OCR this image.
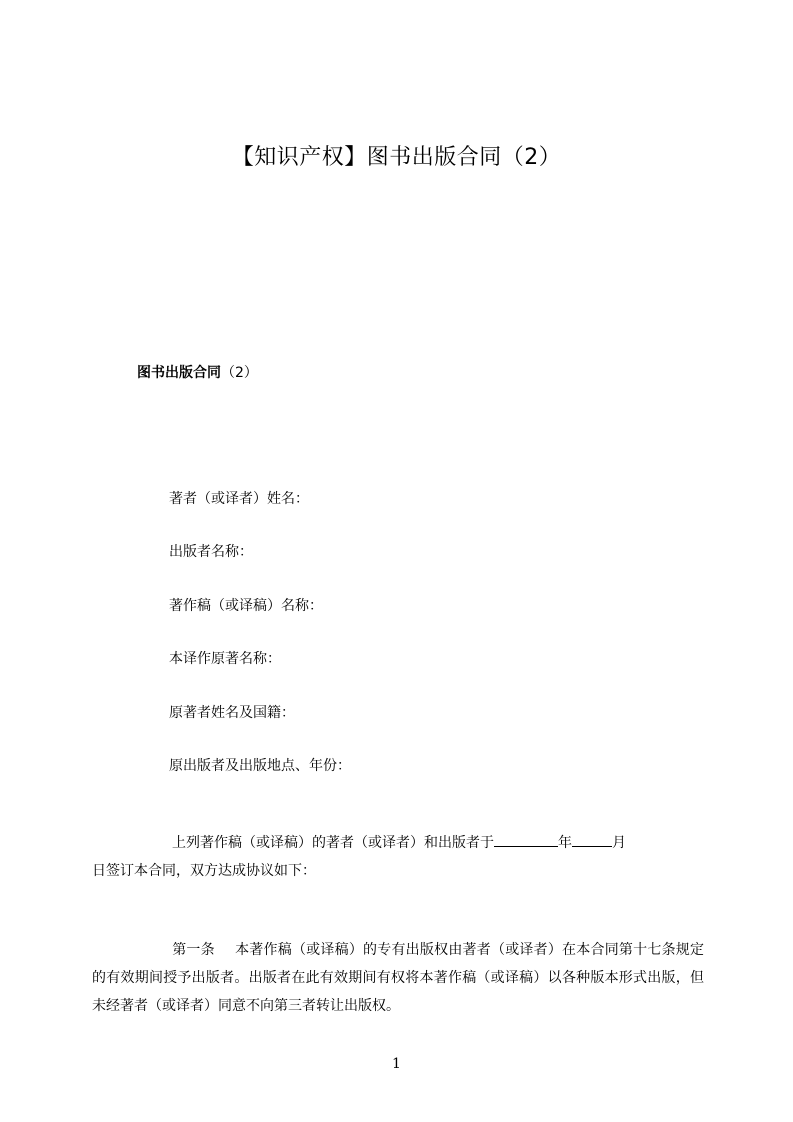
【知识产权】图书出版合同（2）

图书出版合同（2）

著者（或译者）姓名：

出版者名称：

著作稿（或译稿）名称：

本译作原著名称：

原著者姓名及国籍：

原出版者及出版地点、年份：

上列著作稿（或译稿）的著者（或译者）和出版者于	年	月
日签订本合同，双方达成协议如下：

第一条 本著作稿（或译稿）的专有出版权由著者（或译者）在本合同第十七条规定的有效期间授予出版者。出版者在此有效期间有权将本著作稿（或译稿）以各种版本形式出版，但未经著者（或译者）同意不向第三者转让出版权。

1
